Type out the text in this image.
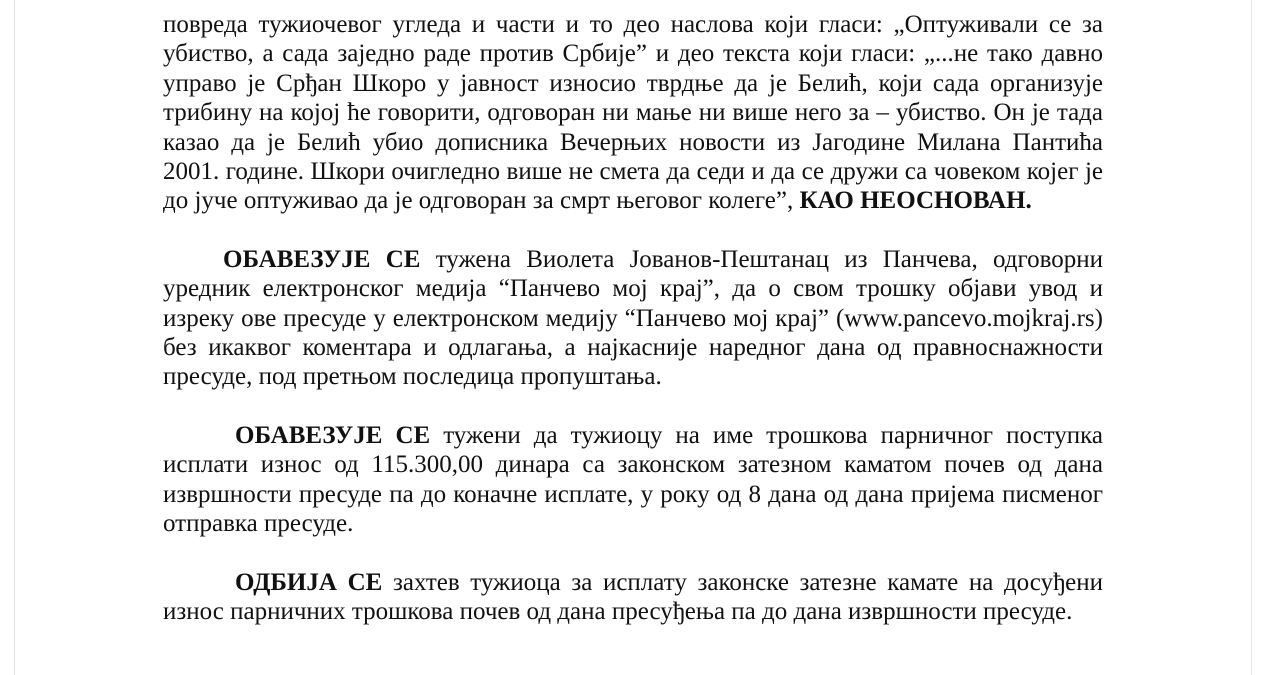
повреда тужиочевог угледа и части и то део наслова који гласи: „Оптуживали се за убиство, а сада заједно раде против Србије” и део текста који гласи: „...не тако давно управо је Срђан Шкоро у јавност износио тврдње да је Белић, који сада организује трибину на којој ће говорити, одговоран ни мање ни више него за – убиство. Он је тада казао да је Белић убио дописника Вечерњих новости из Јагодине Милана Пантића 2001. године. Шкори очигледно више не смета да седи и да се дружи са човеком којег је до јуче оптуживао да је одговоран за смрт његовог колеге”, КАО НЕОСНОВАН.

ОБАВЕЗУЈЕ СЕ тужена Виолета Јованов-Пештанац из Панчева, одговорни уредник електронског медија “Панчево мој крај”, да о свом трошку објави увод и изреку ове пресуде у електронском медију “Панчево мој крај” (www.pancevo.mojkraj.rs) без икаквог коментара и одлагања, а најкасније наредног дана од правноснажности пресуде, под претњом последица пропуштања.

ОБАВЕЗУЈЕ СЕ тужени да тужиоцу на име трошкова парничног поступка исплати износ од 115.300,00 динара са законском затезном каматом почев од дана извршности пресуде па до коначне исплате, у року од 8 дана од дана пријема писменог отправка пресуде.

ОДБИЈА СЕ захтев тужиоца за исплату законске затезне камате на досуђени износ парничних трошкова почев од дана пресуђења па до дана извршности пресуде.
